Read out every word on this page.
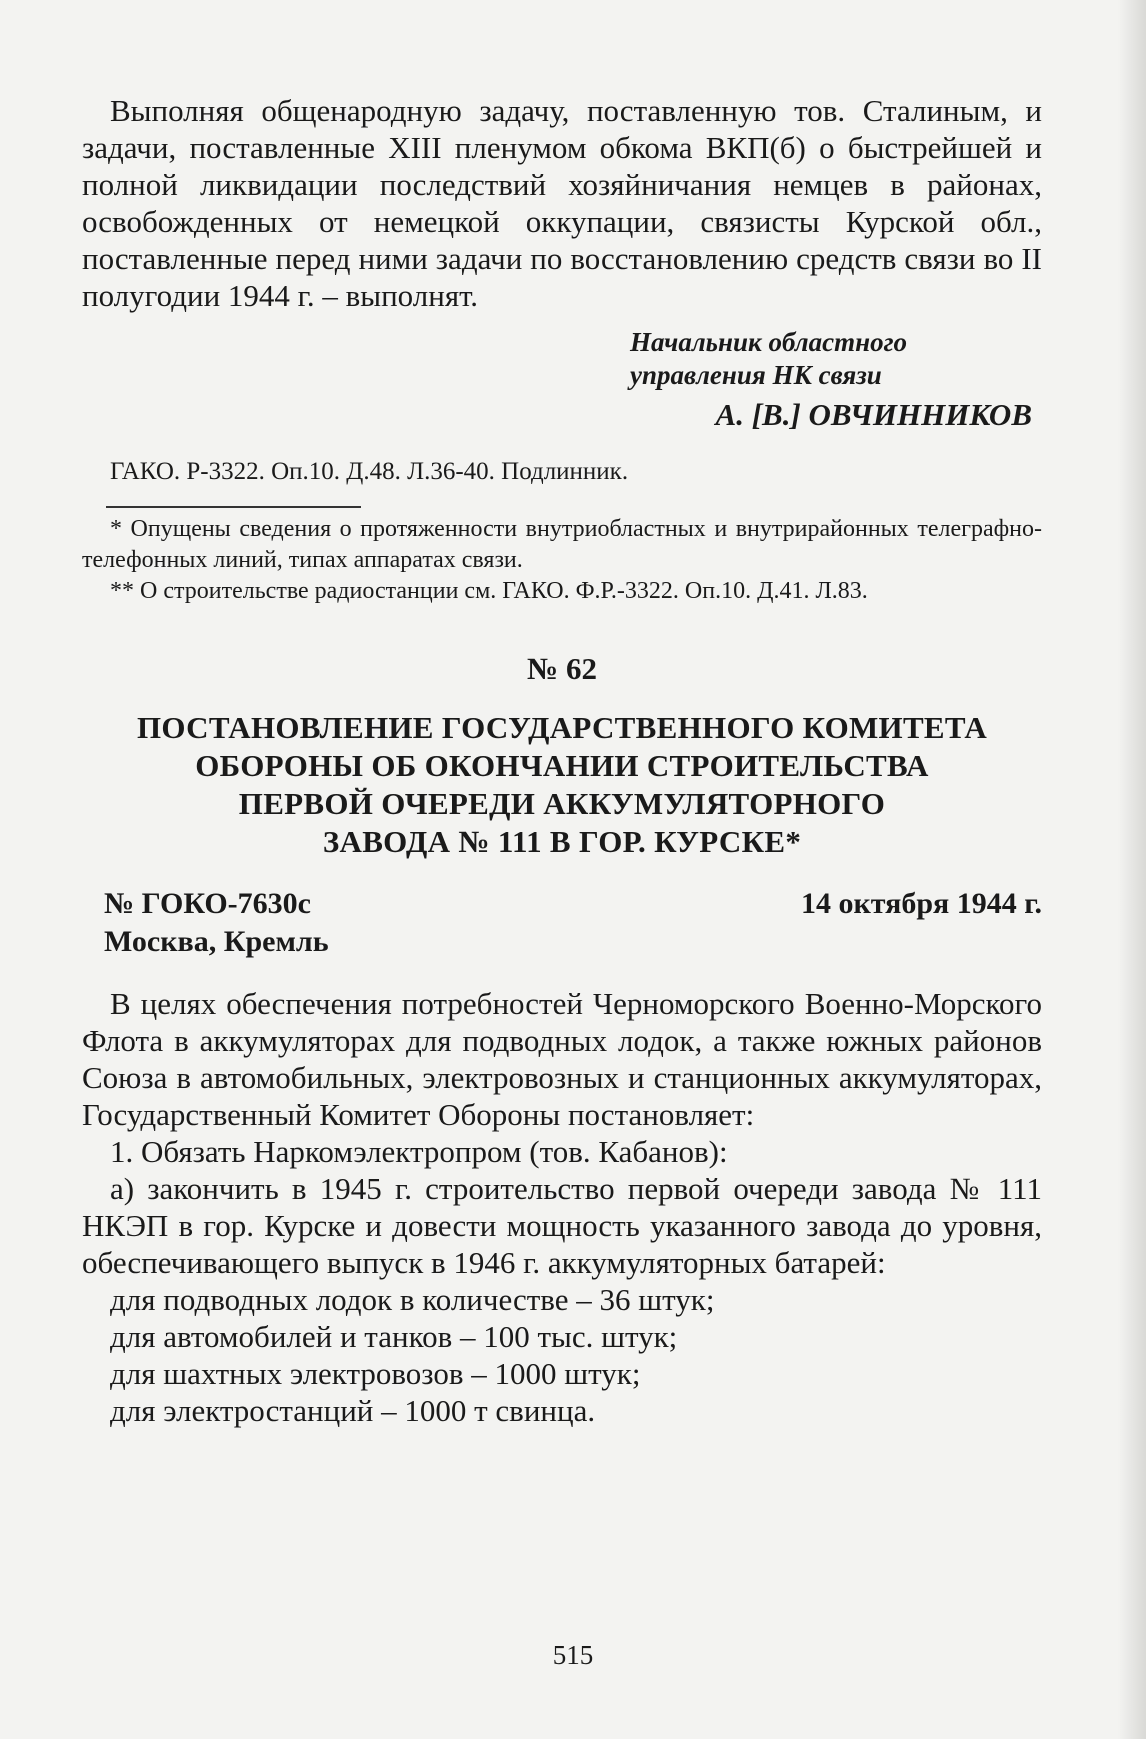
Выполняя общенародную задачу, поставленную тов. Сталиным, и задачи, поставленные XIII пленумом обкома ВКП(б) о быстрейшей и полной ликвидации последствий хозяйничания немцев в районах, освобожденных от немецкой оккупации, связисты Курской обл., поставленные перед ними задачи по восстановлению средств связи во II полугодии 1944 г. – выполнят.

Начальник областного
управления НК связи
А. [В.] ОВЧИННИКОВ
ГАКО. Р-3322. Оп.10. Д.48. Л.36-40. Подлинник.

* Опущены сведения о протяженности внутриобластных и внутрирайонных телеграфно-телефонных линий, типах аппаратах связи.

** О строительстве радиостанции см. ГАКО. Ф.Р.-3322. Оп.10. Д.41. Л.83.

№ 62
ПОСТАНОВЛЕНИЕ ГОСУДАРСТВЕННОГО КОМИТЕТА
ОБОРОНЫ ОБ ОКОНЧАНИИ СТРОИТЕЛЬСТВА
ПЕРВОЙ ОЧЕРЕДИ АККУМУЛЯТОРНОГО
ЗАВОДА № 111 В ГОР. КУРСКЕ*
№ ГОКО-7630с	14 октября 1944 г.
Москва, Кремль

В целях обеспечения потребностей Черноморского Военно-Морского Флота в аккумуляторах для подводных лодок, а также южных районов Союза в автомобильных, электровозных и станционных аккумуляторах, Государственный Комитет Обороны постановляет:

1. Обязать Наркомэлектропром (тов. Кабанов):

а) закончить в 1945 г. строительство первой очереди завода № 111 НКЭП в гор. Курске и довести мощность указанного завода до уровня, обеспечивающего выпуск в 1946 г. аккумуляторных батарей:

для подводных лодок в количестве – 36 штук;

для автомобилей и танков – 100 тыс. штук;

для шахтных электровозов – 1000 штук;

для электростанций – 1000 т свинца.

515
